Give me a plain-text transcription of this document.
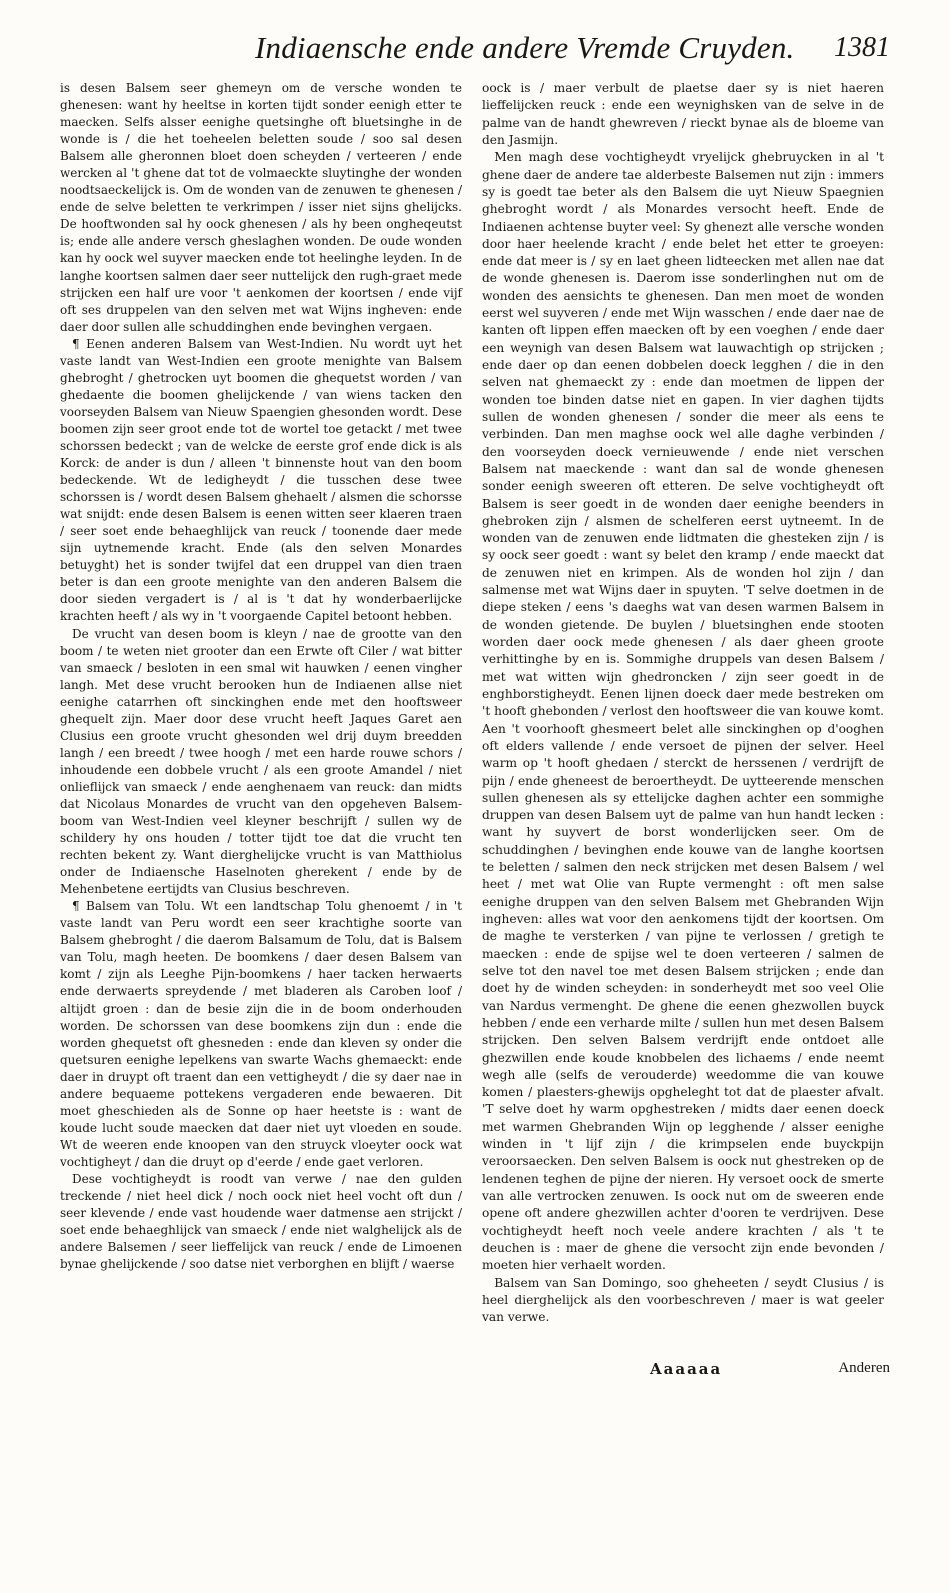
Indiaensche ende andere Vremde Cruyden. 1381

is desen Balsem seer ghemeyn om de versche wonden te ghenesen: want hy heeltse in korten tijdt sonder eenigh etter te maecken. Selfs alsser eenighe quetsinghe oft bluetsinghe in de wonde is / die het toeheelen beletten soude / soo sal desen Balsem alle gheronnen bloet doen scheyden / verteeren / ende wercken al 't ghene dat tot de volmaeckte sluytinghe der wonden noodtsaeckelijck is. Om de wonden van de zenuwen te ghenesen / ende de selve beletten te verkrimpen / isser niet sijns ghelijcks. De hooftwonden sal hy oock ghenesen / als hy been ongheqeutst is; ende alle andere versch gheslaghen wonden. De oude wonden kan hy oock wel suyver maecken ende tot heelinghe leyden. In de langhe koortsen salmen daer seer nuttelijck den rugh-graet mede strijcken een half ure voor 't aenkomen der koortsen / ende vijf oft ses druppelen van den selven met wat Wijns ingheven: ende daer door sullen alle schuddinghen ende bevinghen vergaen.

¶ Eenen anderen Balsem van West-Indien. Nu wordt uyt het vaste landt van West-Indien een groote menighte van Balsem ghebroght / ghetrocken uyt boomen die ghequetst worden / van ghedaente die boomen ghelijckende / van wiens tacken den voorseyden Balsem van Nieuw Spaengien ghesonden wordt. Dese boomen zijn seer groot ende tot de wortel toe getackt / met twee schorssen bedeckt ; van de welcke de eerste grof ende dick is als Korck: de ander is dun / alleen 't binnenste hout van den boom bedeckende. Wt de ledigheydt / die tusschen dese twee schorssen is / wordt desen Balsem ghehaelt / alsmen die schorsse wat snijdt: ende desen Balsem is eenen witten seer klaeren traen / seer soet ende behaeghlijck van reuck / toonende daer mede sijn uytnemende kracht. Ende (als den selven Monardes betuyght) het is sonder twijfel dat een druppel van dien traen beter is dan een groote menighte van den anderen Balsem die door sieden vergadert is / al is 't dat hy wonderbaerlijcke krachten heeft / als wy in 't voorgaende Capitel betoont hebben.

De vrucht van desen boom is kleyn / nae de grootte van den boom / te weten niet grooter dan een Erwte oft Ciler / wat bitter van smaeck / besloten in een smal wit hauwken / eenen vingher langh. Met dese vrucht berooken hun de Indiaenen allse niet eenighe catarrhen oft sinckinghen ende met den hooftsweer ghequelt zijn. Maer door dese vrucht heeft Jaques Garet aen Clusius een groote vrucht ghesonden wel drij duym breedden langh / een breedt / twee hoogh / met een harde rouwe schors / inhoudende een dobbele vrucht / als een groote Amandel / niet onlieflijck van smaeck / ende aenghenaem van reuck: dan midts dat Nicolaus Monardes de vrucht van den opgeheven Balsem-boom van West-Indien veel kleyner beschrijft / sullen wy de schildery hy ons houden / totter tijdt toe dat die vrucht ten rechten bekent zy. Want dierghelijcke vrucht is van Matthiolus onder de Indiaensche Haselnoten gherekent / ende by de Mehenbetene eertijdts van Clusius beschreven.

¶ Balsem van Tolu. Wt een landtschap Tolu ghenoemt / in 't vaste landt van Peru wordt een seer krachtighe soorte van Balsem ghebroght / die daerom Balsamum de Tolu, dat is Balsem van Tolu, magh heeten. De boomkens / daer desen Balsem van komt / zijn als Leeghe Pijn-boomkens / haer tacken herwaerts ende derwaerts spreydende / met bladeren als Caroben loof / altijdt groen : dan de besie zijn die in de boom onderhouden worden. De schorssen van dese boomkens zijn dun : ende die worden ghequetst oft ghesneden : ende dan kleven sy onder die quetsuren eenighe lepelkens van swarte Wachs ghemaeckt: ende daer in druypt oft traent dan een vettigheydt / die sy daer nae in andere bequaeme pottekens vergaderen ende bewaeren. Dit moet gheschieden als de Sonne op haer heetste is : want de koude lucht soude maecken dat daer niet uyt vloeden en soude. Wt de weeren ende knoopen van den struyck vloeyter oock wat vochtigheyt / dan die druyt op d'eerde / ende gaet verloren.

Dese vochtigheydt is roodt van verwe / nae den gulden treckende / niet heel dick / noch oock niet heel vocht oft dun / seer klevende / ende vast houdende waer datmense aen strijckt / soet ende behaeghlijck van smaeck / ende niet walghelijck als de andere Balsemen / seer lieffelijck van reuck / ende de Limoenen bynae ghelijckende / soo datse niet verborghen en blijft / waerse

oock is / maer verbult de plaetse daer sy is niet haeren lieffelijcken reuck : ende een weynighsken van de selve in de palme van de handt ghewreven / rieckt bynae als de bloeme van den Jasmijn.

Men magh dese vochtigheydt vryelijck ghebruycken in al 't ghene daer de andere tae alderbeste Balsemen nut zijn : immers sy is goedt tae beter als den Balsem die uyt Nieuw Spaegnien ghebroght wordt / als Monardes versocht heeft. Ende de Indiaenen achtense buyter veel: Sy ghenezt alle versche wonden door haer heelende kracht / ende belet het etter te groeyen: ende dat meer is / sy en laet gheen lidteecken met allen nae dat de wonde ghenesen is. Daerom isse sonderlinghen nut om de wonden des aensichts te ghenesen. Dan men moet de wonden eerst wel suyveren / ende met Wijn wasschen / ende daer nae de kanten oft lippen effen maecken oft by een voeghen / ende daer een weynigh van desen Balsem wat lauwachtigh op strijcken ; ende daer op dan eenen dobbelen doeck legghen / die in den selven nat ghemaeckt zy : ende dan moetmen de lippen der wonden toe binden datse niet en gapen. In vier daghen tijdts sullen de wonden ghenesen / sonder die meer als eens te verbinden. Dan men maghse oock wel alle daghe verbinden / den voorseyden doeck vernieuwende / ende niet verschen Balsem nat maeckende : want dan sal de wonde ghenesen sonder eenigh sweeren oft etteren. De selve vochtigheydt oft Balsem is seer goedt in de wonden daer eenighe beenders in ghebroken zijn / alsmen de schelferen eerst uytneemt. In de wonden van de zenuwen ende lidtmaten die ghesteken zijn / is sy oock seer goedt : want sy belet den kramp / ende maeckt dat de zenuwen niet en krimpen. Als de wonden hol zijn / dan salmense met wat Wijns daer in spuyten. 'T selve doetmen in de diepe steken / eens 's daeghs wat van desen warmen Balsem in de wonden gietende. De buylen / bluetsinghen ende stooten worden daer oock mede ghenesen / als daer gheen groote verhittinghe by en is. Sommighe druppels van desen Balsem / met wat witten wijn ghedroncken / zijn seer goedt in de enghborstigheydt. Eenen lijnen doeck daer mede bestreken om 't hooft ghebonden / verlost den hooftsweer die van kouwe komt. Aen 't voorhooft ghesmeert belet alle sinckinghen op d'ooghen oft elders vallende / ende versoet de pijnen der selver. Heel warm op 't hooft ghedaen / sterckt de herssenen / verdrijft de pijn / ende gheneest de beroertheydt. De uytteerende menschen sullen ghenesen als sy ettelijcke daghen achter een sommighe druppen van desen Balsem uyt de palme van hun handt lecken : want hy suyvert de borst wonderlijcken seer. Om de schuddinghen / bevinghen ende kouwe van de langhe koortsen te beletten / salmen den neck strijcken met desen Balsem / wel heet / met wat Olie van Rupte vermenght : oft men salse eenighe druppen van den selven Balsem met Ghebranden Wijn ingheven: alles wat voor den aenkomens tijdt der koortsen. Om de maghe te versterken / van pijne te verlossen / gretigh te maecken : ende de spijse wel te doen verteeren / salmen de selve tot den navel toe met desen Balsem strijcken ; ende dan doet hy de winden scheyden: in sonderheydt met soo veel Olie van Nardus vermenght. De ghene die eenen ghezwollen buyck hebben / ende een verharde milte / sullen hun met desen Balsem strijcken. Den selven Balsem verdrijft ende ontdoet alle ghezwillen ende koude knobbelen des lichaems / ende neemt wegh alle (selfs de verouderde) weedomme die van kouwe komen / plaesters-ghewijs opgheleght tot dat de plaester afvalt. 'T selve doet hy warm opghestreken / midts daer eenen doeck met warmen Ghebranden Wijn op legghende / alsser eenighe winden in 't lijf zijn / die krimpselen ende buyckpijn veroorsaecken. Den selven Balsem is oock nut ghestreken op de lendenen teghen de pijne der nieren. Hy versoet oock de smerte van alle vertrocken zenuwen. Is oock nut om de sweeren ende opene oft andere ghezwillen achter d'ooren te verdrijven. Dese vochtigheydt heeft noch veele andere krachten / als 't te deuchen is : maer de ghene die versocht zijn ende bevonden / moeten hier verhaelt worden.

Balsem van San Domingo, soo gheheeten / seydt Clusius / is heel dierghelijck als den voorbeschreven / maer is wat geeler van verwe.

Aaaaaa	Anderen
